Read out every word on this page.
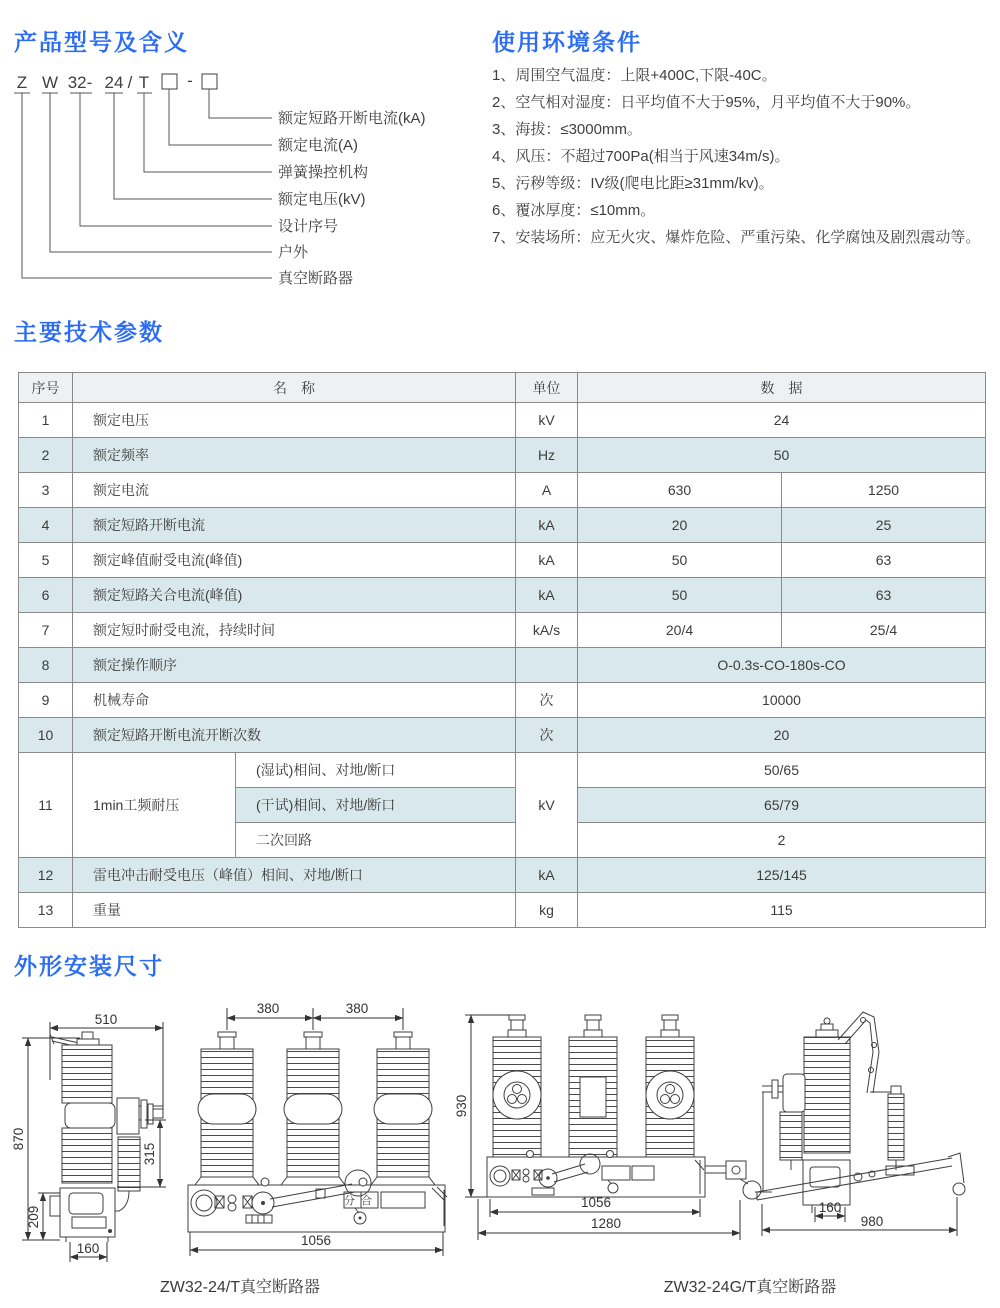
产品型号及含义	使用环境条件
主要技术参数
外形安装尺寸
Z W 32- 24 / T -
额定短路开断电流(kA)
额定电流(A)
弹簧操控机构
额定电压(kV)
设计序号
户外
真空断路器
1、周围空气温度：上限+400C,下限-40C。
2、空气相对湿度：日平均值不大于95%，月平均值不大于90%。
3、海拔：≤3000mm。
4、风压：不超过700Pa(相当于风速34m/s)。
5、污秽等级：IV级(爬电比距≥31mm/kv)。
6、覆冰厚度：≤10mm。
7、安装场所：应无火灾、爆炸危险、严重污染、化学腐蚀及剧烈震动等。
序号	名　称		单位	数　据	
1	额定电压		kV	24	
2	额定频率		Hz	50	
3	额定电流		A	630	1250
4	额定短路开断电流		kA	20	25
5	额定峰值耐受电流(峰值)		kA	50	63
6	额定短路关合电流(峰值)		kA	50	63
7	额定短时耐受电流，持续时间		kA/s	20/4	25/4
8	额定操作顺序			O-0.3s-CO-180s-CO	
9	机械寿命		次	10000	
10	额定短路开断电流开断次数		次	20	
11	1min工频耐压	(湿试)相间、对地/断口	kV	50/65	
		(干试)相间、对地/断口		65/79	
		二次回路		2	
12	雷电冲击耐受电压（峰值）相间、对地/断口		kA	125/145	
13	重量		kg	115	
510
870
315
209
160
380	380
分合
1056
930
1056
1280
160
980
ZW32-24/T真空断路器	ZW32-24G/T真空断路器
